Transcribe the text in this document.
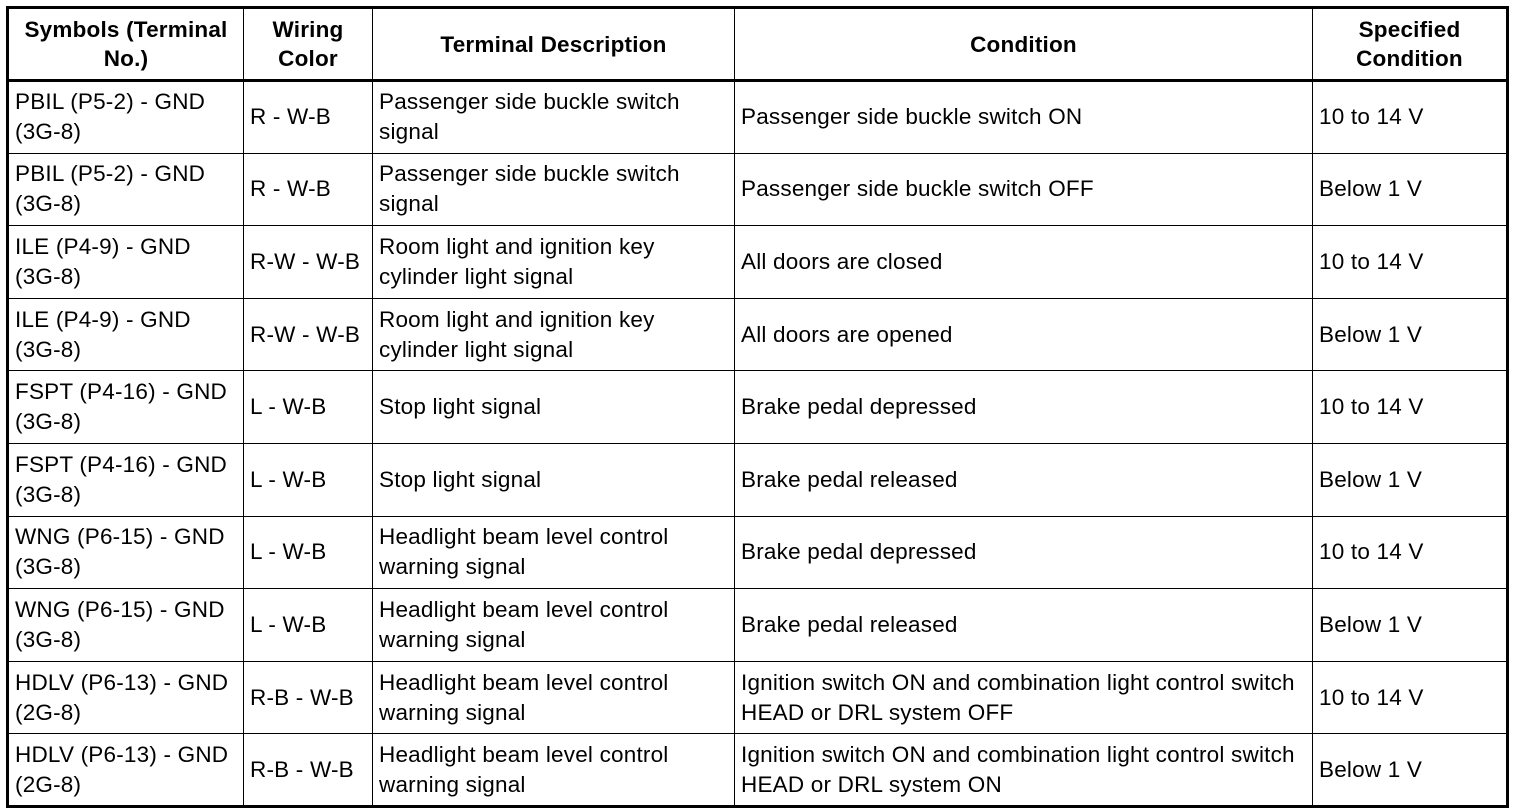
Symbols (Terminal No.)	Wiring Color	Terminal Description	Condition	Specified Condition
PBIL (P5-2) - GND (3G-8)	R - W-B	Passenger side buckle switch signal	Passenger side buckle switch ON	10 to 14 V
PBIL (P5-2) - GND (3G-8)	R - W-B	Passenger side buckle switch signal	Passenger side buckle switch OFF	Below 1 V
ILE (P4-9) - GND (3G-8)	R-W - W-B	Room light and ignition key cylinder light signal	All doors are closed	10 to 14 V
ILE (P4-9) - GND (3G-8)	R-W - W-B	Room light and ignition key cylinder light signal	All doors are opened	Below 1 V
FSPT (P4-16) - GND (3G-8)	L - W-B	Stop light signal	Brake pedal depressed	10 to 14 V
FSPT (P4-16) - GND (3G-8)	L - W-B	Stop light signal	Brake pedal released	Below 1 V
WNG (P6-15) - GND (3G-8)	L - W-B	Headlight beam level control warning signal	Brake pedal depressed	10 to 14 V
WNG (P6-15) - GND (3G-8)	L - W-B	Headlight beam level control warning signal	Brake pedal released	Below 1 V
HDLV (P6-13) - GND (2G-8)	R-B - W-B	Headlight beam level control warning signal	Ignition switch ON and combination light control switch HEAD or DRL system OFF	10 to 14 V
HDLV (P6-13) - GND (2G-8)	R-B - W-B	Headlight beam level control warning signal	Ignition switch ON and combination light control switch HEAD or DRL system ON	Below 1 V
